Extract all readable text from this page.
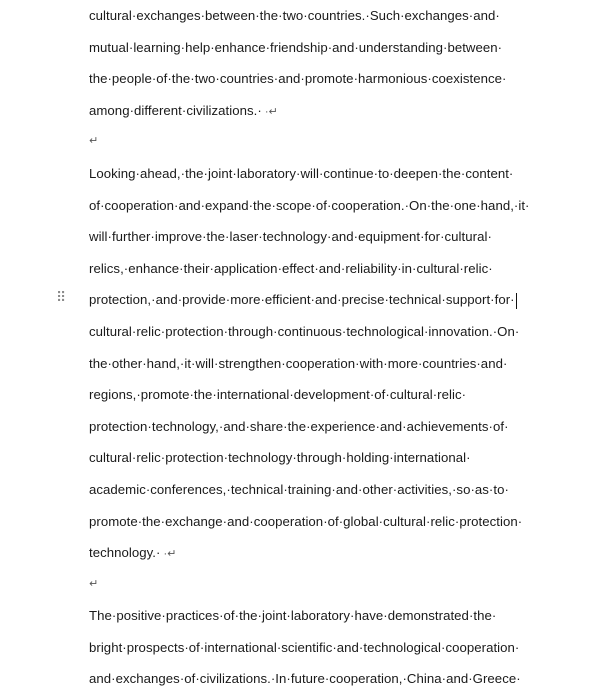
⠿
cultural·exchanges·between·the·two·countries.·Such·exchanges·and·
mutual·learning·help·enhance·friendship·and·understanding·between·
the·people·of·the·two·countries·and·promote·harmonious·coexistence·
among·different·civilizations.· ·↵
↵
Looking·ahead,·the·joint·laboratory·will·continue·to·deepen·the·content·
of·cooperation·and·expand·the·scope·of·cooperation.·On·the·one·hand,·it·
will·further·improve·the·laser·technology·and·equipment·for·cultural·
relics,·enhance·their·application·effect·and·reliability·in·cultural·relic·
protection,·and·provide·more·efficient·and·precise·technical·support·for·
cultural·relic·protection·through·continuous·technological·innovation.·On·
the·other·hand,·it·will·strengthen·cooperation·with·more·countries·and·
regions,·promote·the·international·development·of·cultural·relic·
protection·technology,·and·share·the·experience·and·achievements·of·
cultural·relic·protection·technology·through·holding·international·
academic·conferences,·technical·training·and·other·activities,·so·as·to·
promote·the·exchange·and·cooperation·of·global·cultural·relic·protection·
technology.· ·↵
↵
The·positive·practices·of·the·joint·laboratory·have·demonstrated·the·
bright·prospects·of·international·scientific·and·technological·cooperation·
and·exchanges·of·civilizations.·In·future·cooperation,·China·and·Greece·
